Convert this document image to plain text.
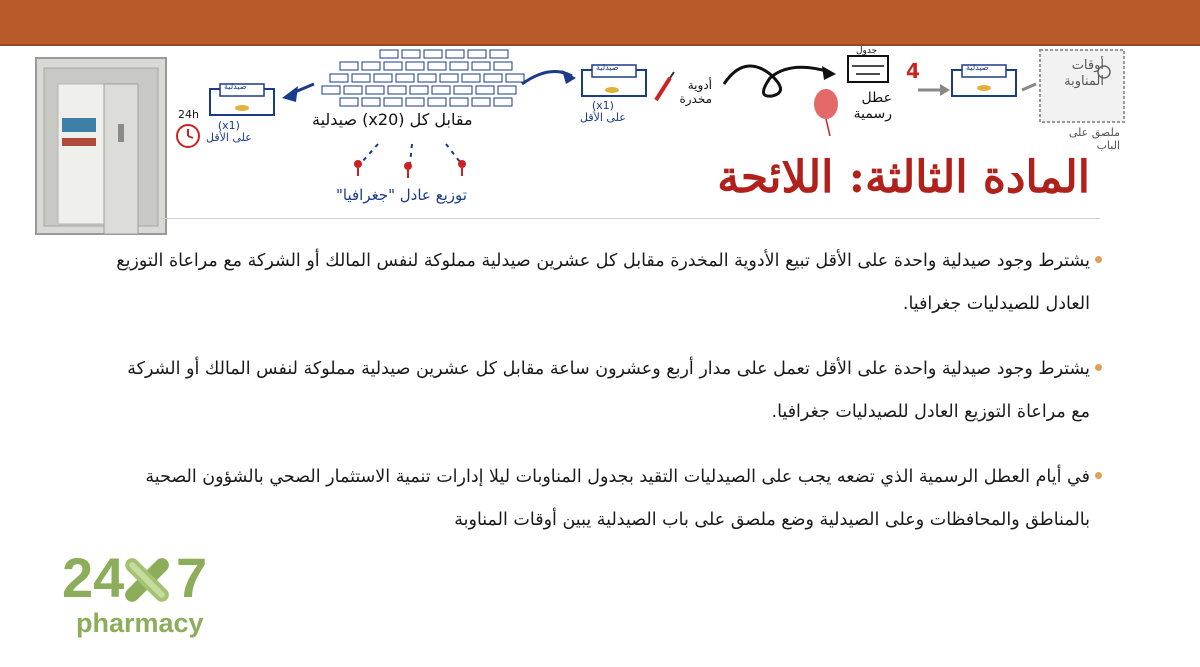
4
24h
صيدلية
(x1)
على الأقل
مقابل كل (x20) صيدلية
توزيع عادل "جغرافيا"
صيدلية
(x1)
على الأقل
أدوية مخدرة
جدول
عطل رسمية
صيدلية	أوقات المناوبة
ملصق على الباب
المادة الثالثة: اللائحة
يشترط وجود صيدلية واحدة على الأقل تبيع الأدوية المخدرة مقابل كل عشرين صيدلية مملوكة لنفس المالك أو الشركة مع مراعاة التوزيع العادل للصيدليات جغرافيا.
يشترط وجود صيدلية واحدة على الأقل تعمل على مدار أربع وعشرون ساعة مقابل كل عشرين صيدلية مملوكة لنفس المالك أو الشركة مع مراعاة التوزيع العادل للصيدليات جغرافيا.
في أيام العطل الرسمية الذي تضعه يجب على الصيدليات التقيد بجدول المناوبات ليلا إدارات تنمية الاستثمار الصحي بالشؤون الصحية بالمناطق والمحافظات وعلى الصيدلية وضع ملصق على باب الصيدلية يبين أوقات المناوبة
24 7
pharmacy
